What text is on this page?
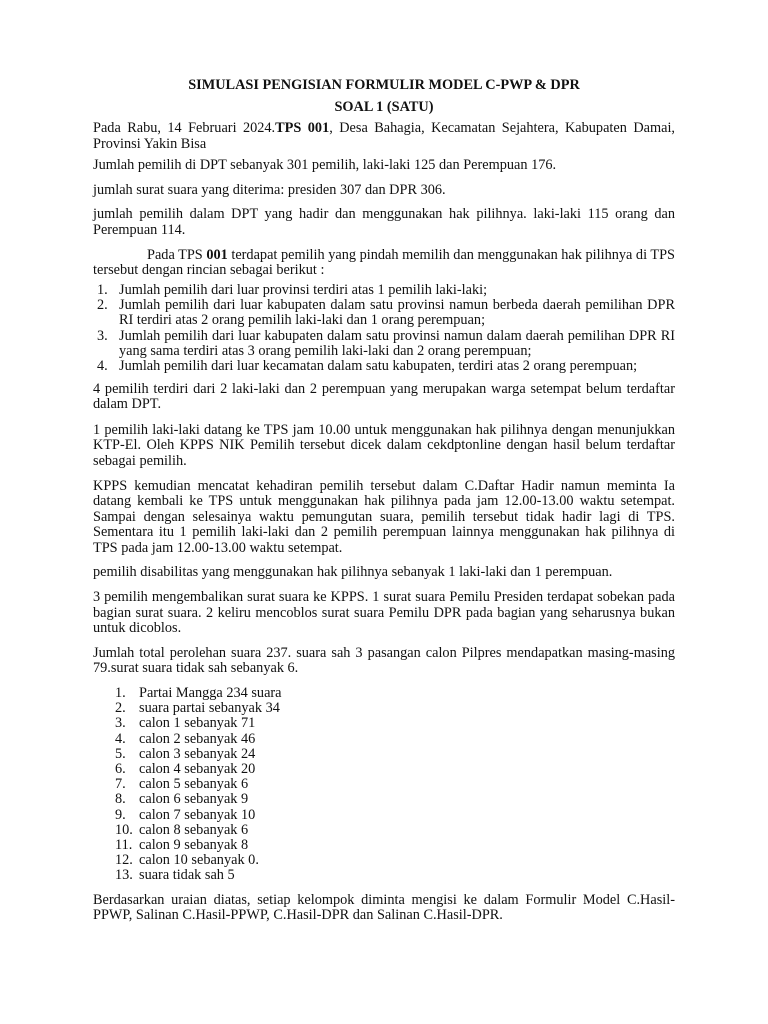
SIMULASI PENGISIAN FORMULIR MODEL C-PWP & DPR
SOAL 1 (SATU)

Pada Rabu, 14 Februari 2024.TPS 001, Desa Bahagia, Kecamatan Sejahtera, Kabupaten Damai, Provinsi Yakin Bisa

Jumlah pemilih di DPT sebanyak 301 pemilih, laki-laki 125 dan Perempuan 176.

jumlah surat suara yang diterima: presiden 307 dan DPR 306.

jumlah pemilih dalam DPT yang hadir dan menggunakan hak pilihnya. laki-laki 115 orang dan Perempuan 114.

Pada TPS 001 terdapat pemilih yang pindah memilih dan menggunakan hak pilihnya di TPS tersebut dengan rincian sebagai berikut :

1. Jumlah pemilih dari luar provinsi terdiri atas 1 pemilih laki-laki;
2. Jumlah pemilih dari luar kabupaten dalam satu provinsi namun berbeda daerah pemilihan DPR RI terdiri atas 2 orang pemilih laki-laki dan 1 orang perempuan;
3. Jumlah pemilih dari luar kabupaten dalam satu provinsi namun dalam daerah pemilihan DPR RI yang sama terdiri atas 3 orang pemilih laki-laki dan 2 orang perempuan;
4. Jumlah pemilih dari luar kecamatan dalam satu kabupaten, terdiri atas 2 orang perempuan;

4 pemilih terdiri dari 2 laki-laki dan 2 perempuan yang merupakan warga setempat belum terdaftar dalam DPT.

1 pemilih laki-laki datang ke TPS jam 10.00 untuk menggunakan hak pilihnya dengan menunjukkan KTP-El. Oleh KPPS NIK Pemilih tersebut dicek dalam cekdptonline dengan hasil belum terdaftar sebagai pemilih.

KPPS kemudian mencatat kehadiran pemilih tersebut dalam C.Daftar Hadir namun meminta Ia datang kembali ke TPS untuk menggunakan hak pilihnya pada jam 12.00-13.00 waktu setempat. Sampai dengan selesainya waktu pemungutan suara, pemilih tersebut tidak hadir lagi di TPS. Sementara itu 1 pemilih laki-laki dan 2 pemilih perempuan lainnya menggunakan hak pilihnya di TPS pada jam 12.00-13.00 waktu setempat.

pemilih disabilitas yang menggunakan hak pilihnya sebanyak 1 laki-laki dan 1 perempuan.

3 pemilih mengembalikan surat suara ke KPPS. 1 surat suara Pemilu Presiden terdapat sobekan pada bagian surat suara. 2 keliru mencoblos surat suara Pemilu DPR pada bagian yang seharusnya bukan untuk dicoblos.

Jumlah total perolehan suara 237. suara sah 3 pasangan calon Pilpres mendapatkan masing-masing 79.surat suara tidak sah sebanyak 6.

1. Partai Mangga 234 suara
2. suara partai sebanyak 34
3. calon 1 sebanyak 71
4. calon 2 sebanyak 46
5. calon 3 sebanyak 24
6. calon 4 sebanyak 20
7. calon 5 sebanyak 6
8. calon 6 sebanyak 9
9. calon 7 sebanyak 10
10. calon 8 sebanyak 6
11. calon 9 sebanyak 8
12. calon 10 sebanyak 0.
13. suara tidak sah 5

Berdasarkan uraian diatas, setiap kelompok diminta mengisi ke dalam Formulir Model C.Hasil-PPWP, Salinan C.Hasil-PPWP, C.Hasil-DPR dan Salinan C.Hasil-DPR.
